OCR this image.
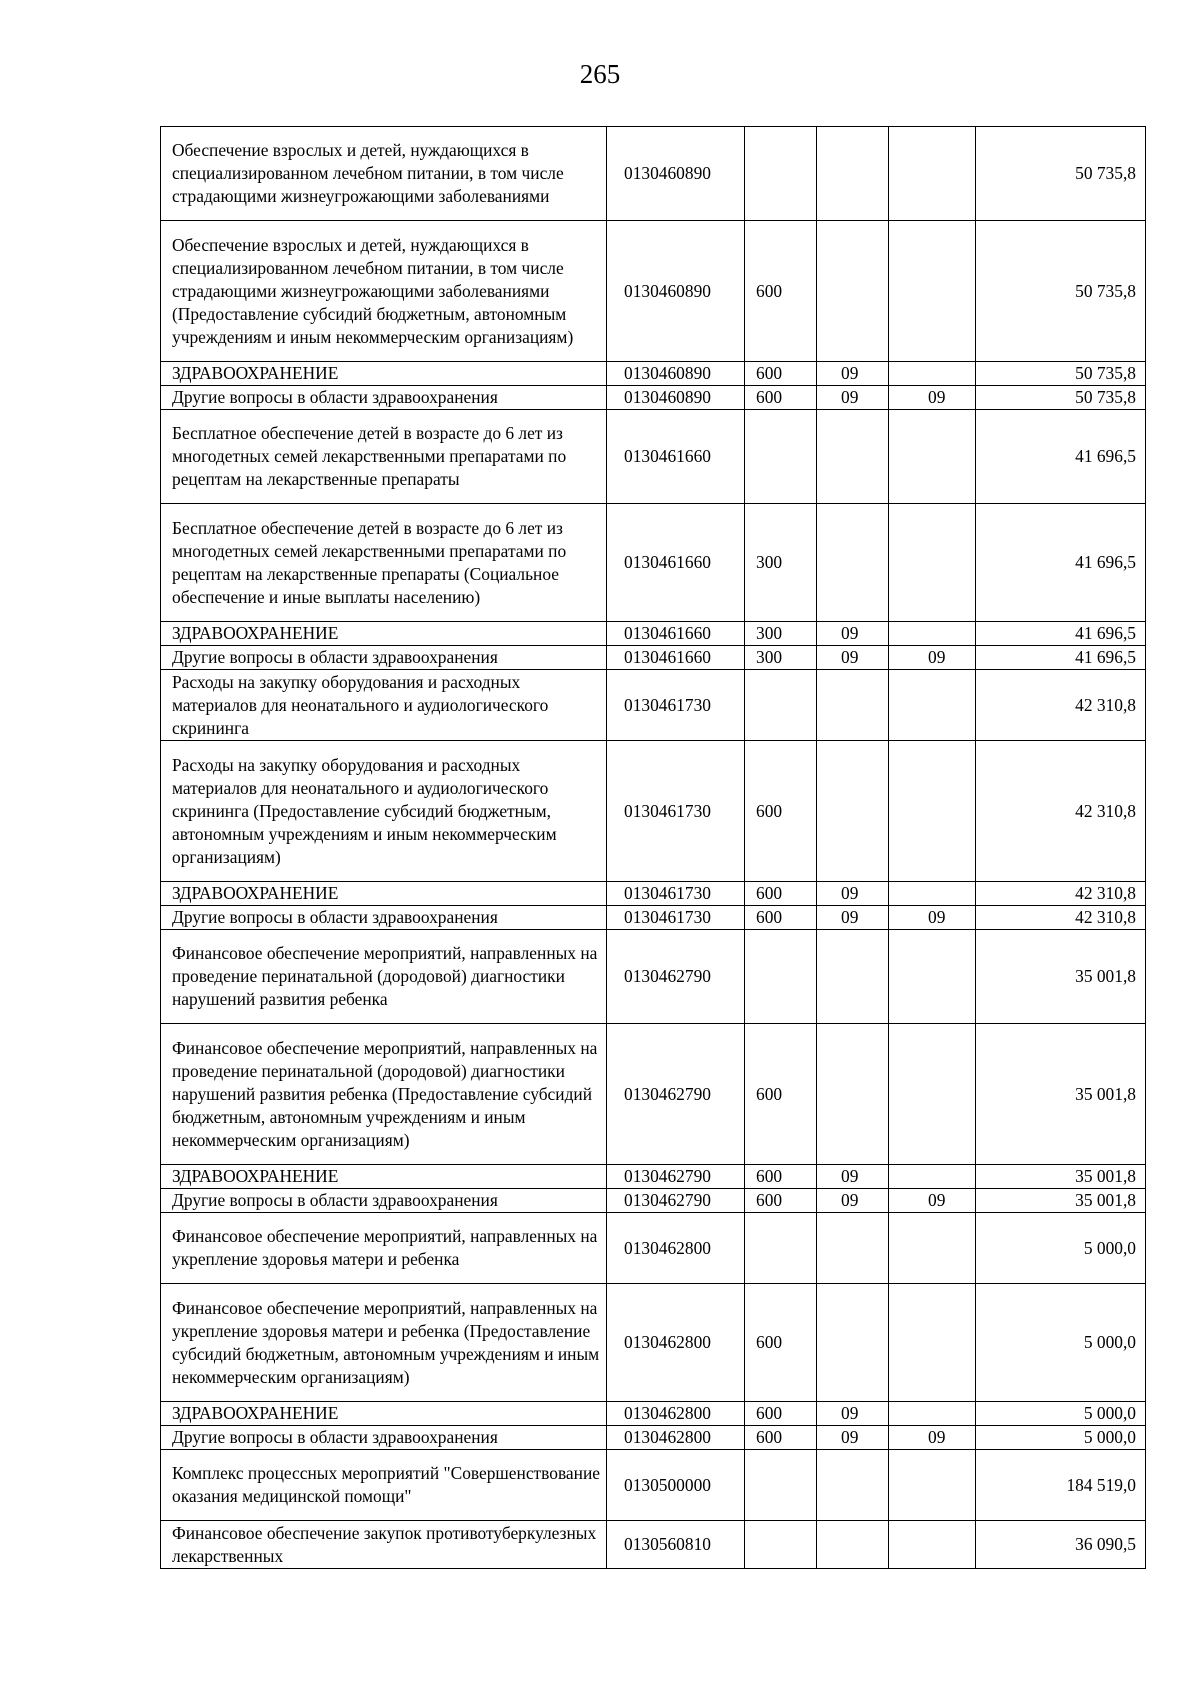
265
Обеспечение взрослых и детей, нуждающихся в специализированном лечебном питании, в том числе страдающими жизнеугрожающими заболеваниями	0130460890				50 735,8
Обеспечение взрослых и детей, нуждающихся в специализированном лечебном питании, в том числе страдающими жизнеугрожающими заболеваниями (Предоставление субсидий бюджетным, автономным учреждениям и иным некоммерческим организациям)	0130460890	600			50 735,8
ЗДРАВООХРАНЕНИЕ	0130460890	600	09		50 735,8
Другие вопросы в области здравоохранения	0130460890	600	09	09	50 735,8
Бесплатное обеспечение детей в возрасте до 6 лет из многодетных семей лекарственными препаратами по рецептам на лекарственные препараты	0130461660				41 696,5
Бесплатное обеспечение детей в возрасте до 6 лет из многодетных семей лекарственными препаратами по рецептам на лекарственные препараты (Социальное обеспечение и иные выплаты населению)	0130461660	300			41 696,5
ЗДРАВООХРАНЕНИЕ	0130461660	300	09		41 696,5
Другие вопросы в области здравоохранения	0130461660	300	09	09	41 696,5
Расходы на закупку оборудования и расходных материалов для неонатального и аудиологического скрининга	0130461730				42 310,8
Расходы на закупку оборудования и расходных материалов для неонатального и аудиологического скрининга (Предоставление субсидий бюджетным, автономным учреждениям и иным некоммерческим организациям)	0130461730	600			42 310,8
ЗДРАВООХРАНЕНИЕ	0130461730	600	09		42 310,8
Другие вопросы в области здравоохранения	0130461730	600	09	09	42 310,8
Финансовое обеспечение мероприятий, направленных на проведение перинатальной (дородовой) диагностики нарушений развития ребенка	0130462790				35 001,8
Финансовое обеспечение мероприятий, направленных на проведение перинатальной (дородовой) диагностики нарушений развития ребенка (Предоставление субсидий бюджетным, автономным учреждениям и иным некоммерческим организациям)	0130462790	600			35 001,8
ЗДРАВООХРАНЕНИЕ	0130462790	600	09		35 001,8
Другие вопросы в области здравоохранения	0130462790	600	09	09	35 001,8
Финансовое обеспечение мероприятий, направленных на укрепление здоровья матери и ребенка	0130462800				5 000,0
Финансовое обеспечение мероприятий, направленных на укрепление здоровья матери и ребенка (Предоставление субсидий бюджетным, автономным учреждениям и иным некоммерческим организациям)	0130462800	600			5 000,0
ЗДРАВООХРАНЕНИЕ	0130462800	600	09		5 000,0
Другие вопросы в области здравоохранения	0130462800	600	09	09	5 000,0
Комплекс процессных мероприятий "Совершенствование оказания медицинской помощи"	0130500000				184 519,0
Финансовое обеспечение закупок противотуберкулезных лекарственных	0130560810				36 090,5
